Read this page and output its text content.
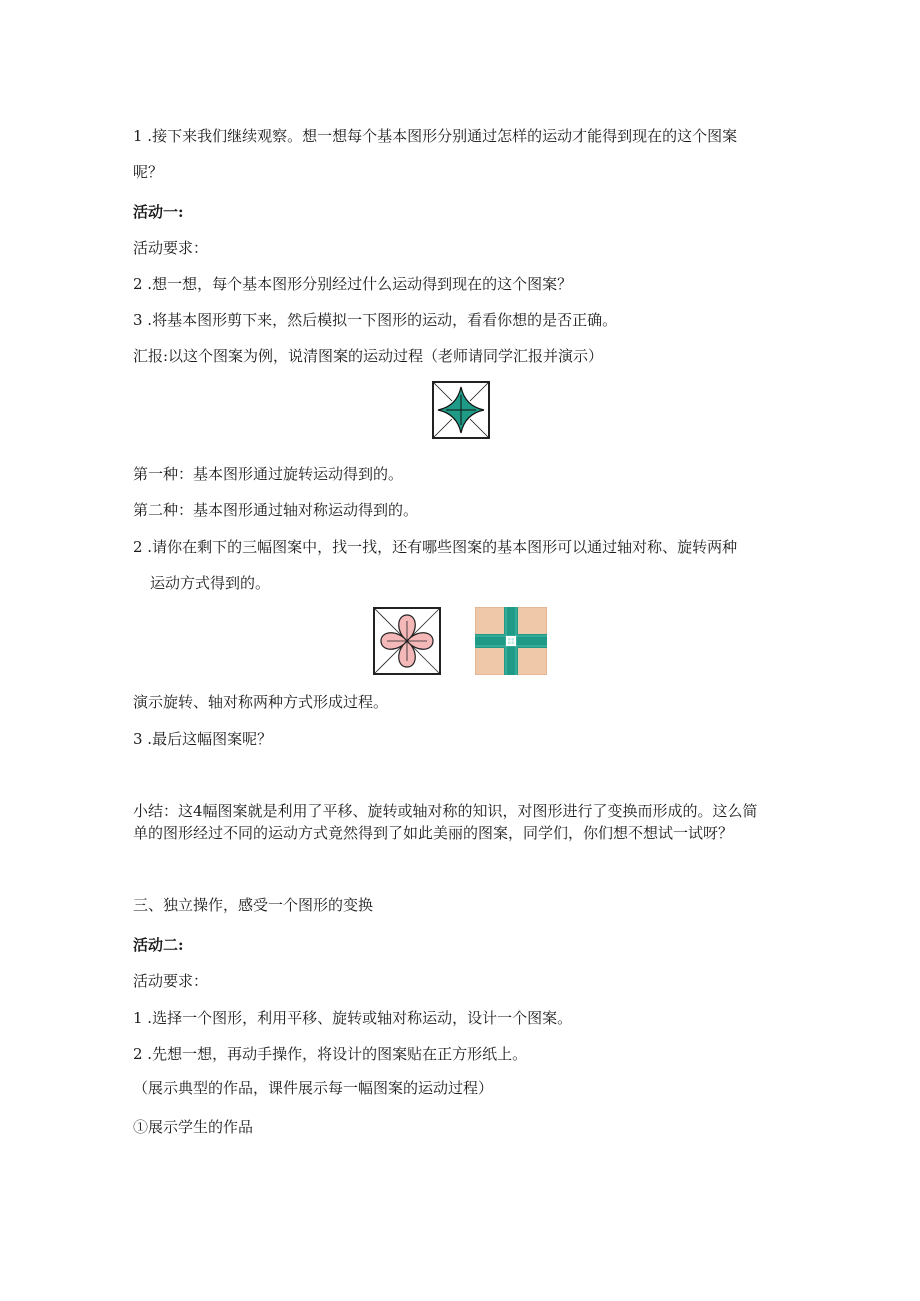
1 .接下来我们继续观察。想一想每个基本图形分别通过怎样的运动才能得到现在的这个图案
呢？
活动一:
活动要求：
2 .想一想，每个基本图形分别经过什么运动得到现在的这个图案？
3 .将基本图形剪下来，然后模拟一下图形的运动，看看你想的是否正确。
汇报:以这个图案为例，说清图案的运动过程（老师请同学汇报并演示）
第一种：基本图形通过旋转运动得到的。
第二种：基本图形通过轴对称运动得到的。
2 .请你在剩下的三幅图案中，找一找，还有哪些图案的基本图形可以通过轴对称、旋转两种
运动方式得到的。
演示旋转、轴对称两种方式形成过程。
3 .最后这幅图案呢？
小结：这4幅图案就是利用了平移、旋转或轴对称的知识，对图形进行了变换而形成的。这么简
单的图形经过不同的运动方式竟然得到了如此美丽的图案，同学们，你们想不想试一试呀？
三、独立操作，感受一个图形的变换
活动二:
活动要求：
1 .选择一个图形，利用平移、旋转或轴对称运动，设计一个图案。
2 .先想一想，再动手操作，将设计的图案贴在正方形纸上。
（展示典型的作品，课件展示每一幅图案的运动过程）
①展示学生的作品
